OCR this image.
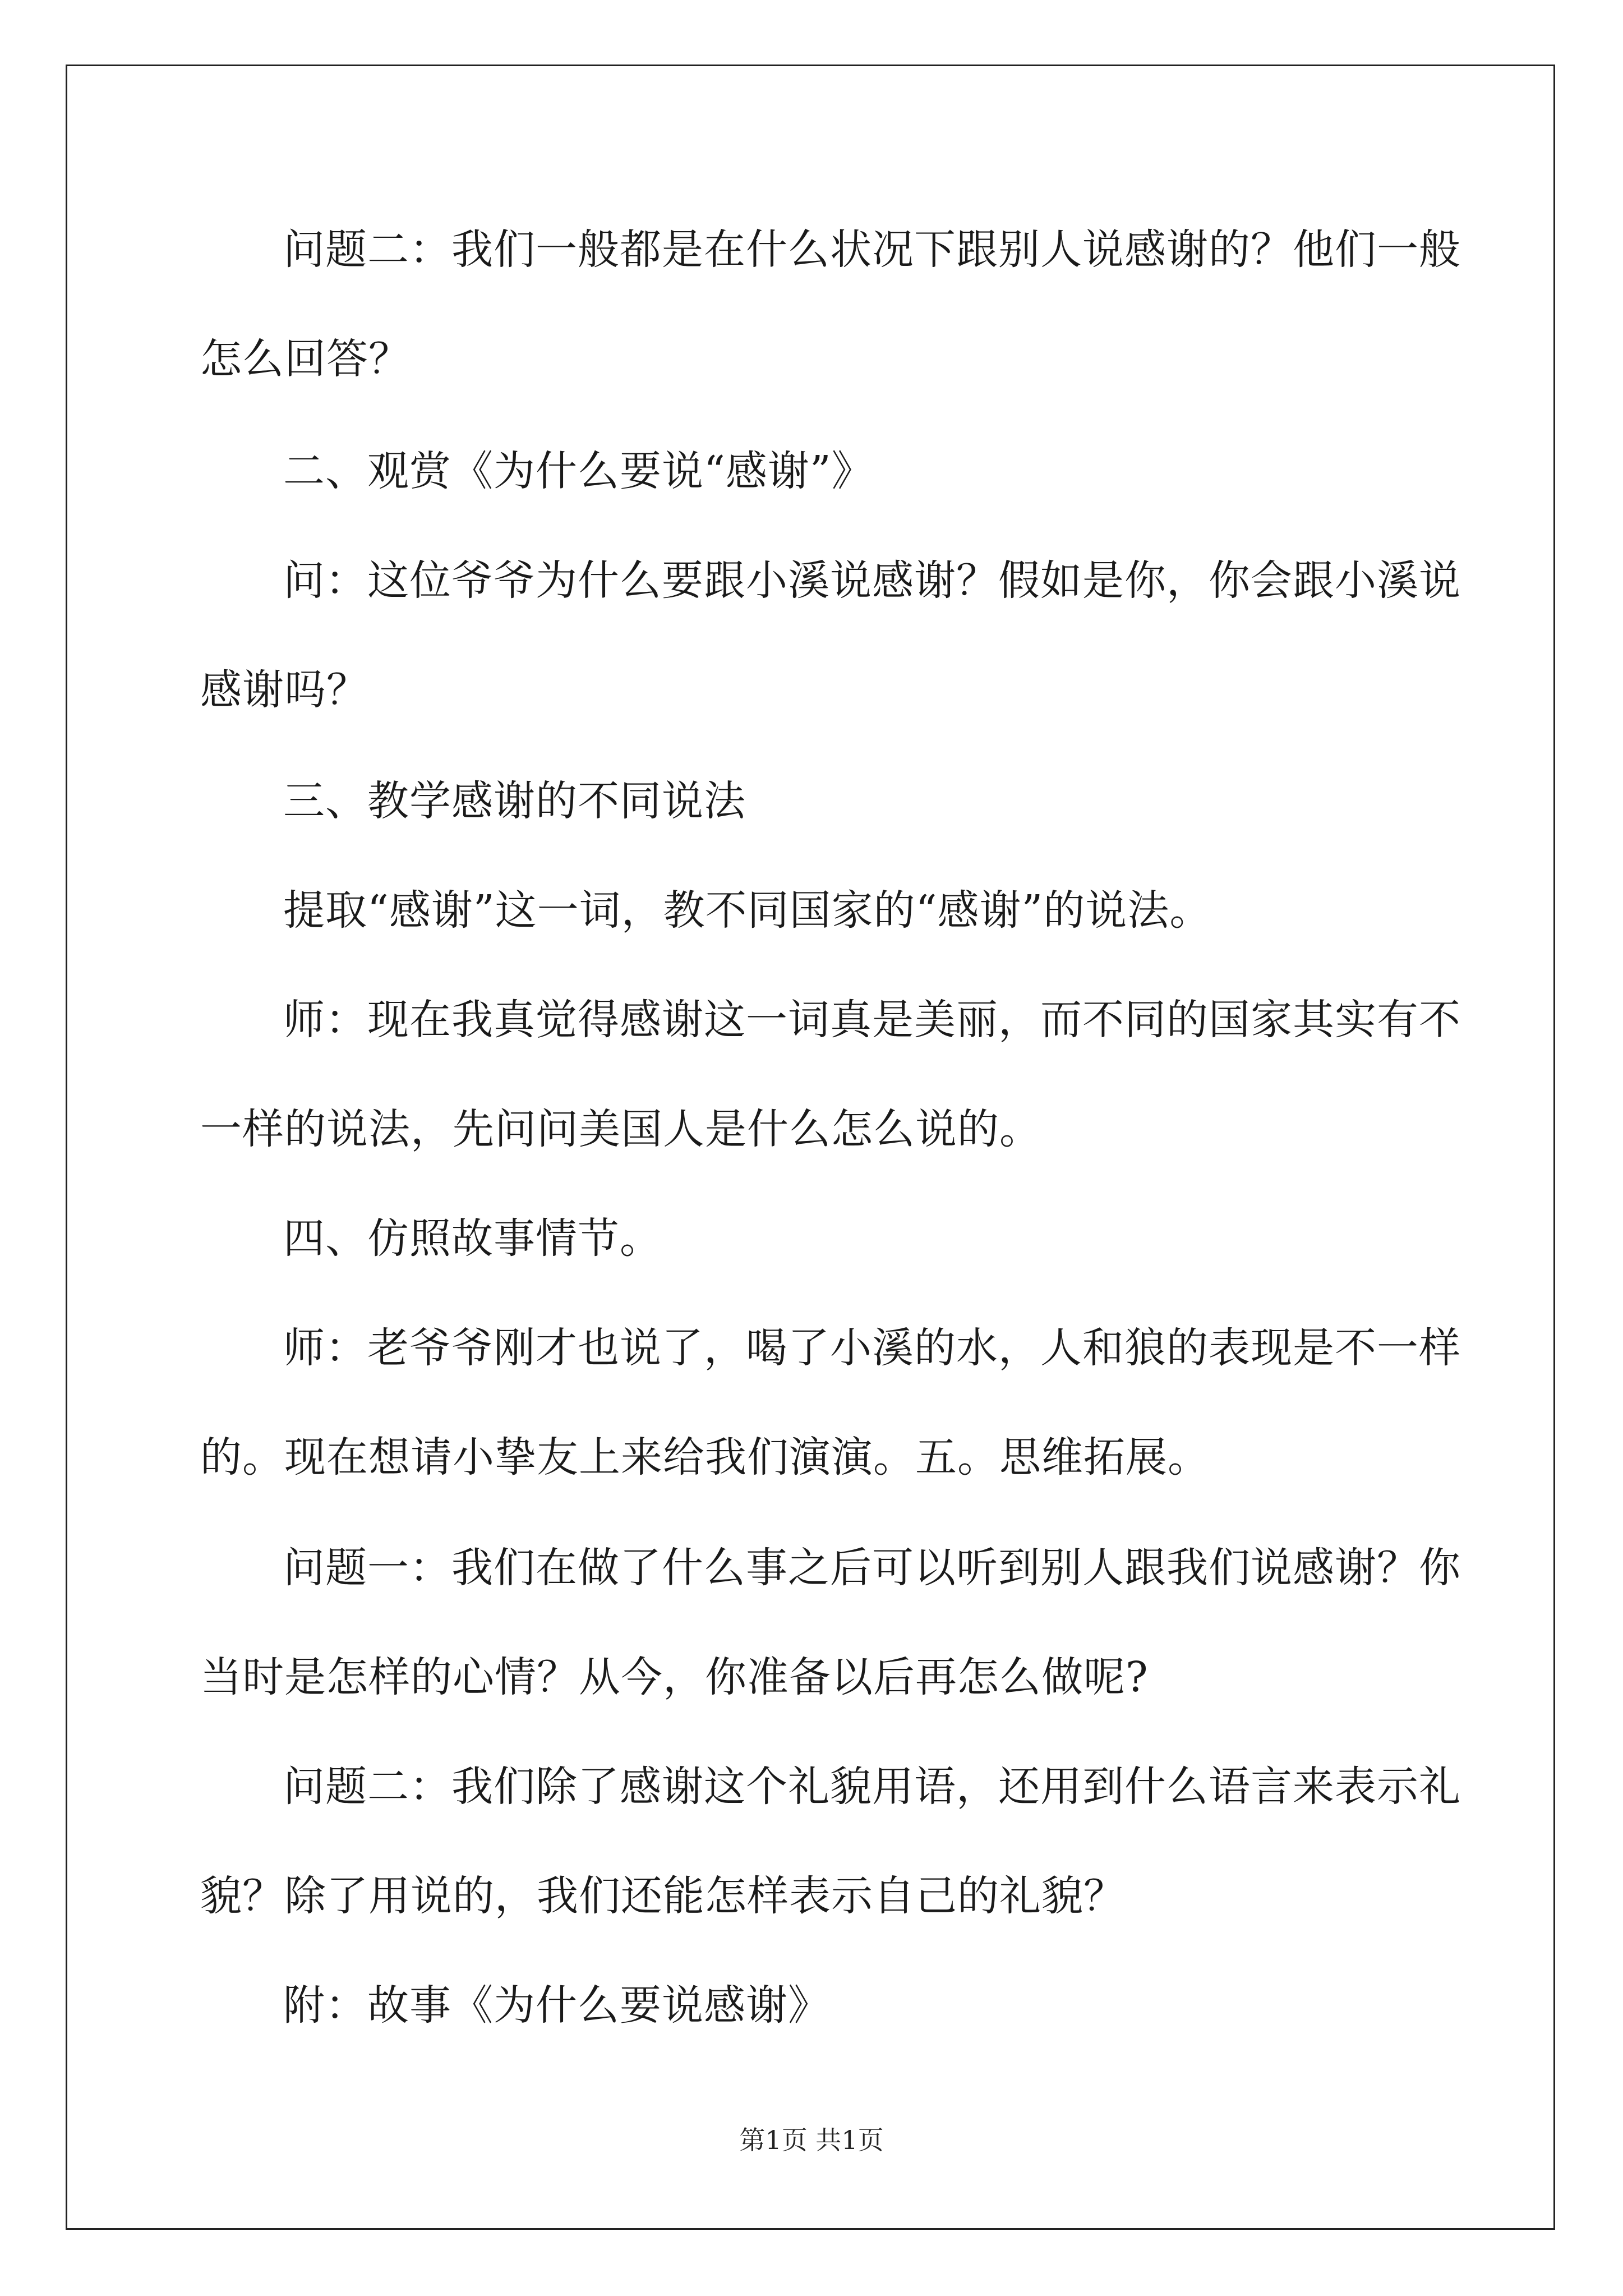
问题二：我们一般都是在什么状况下跟别人说感谢的？他们一般
怎么回答？
二、观赏《为什么要说“感谢”》
问：这位爷爷为什么要跟小溪说感谢？假如是你，你会跟小溪说
感谢吗？
三、教学感谢的不同说法
提取“感谢”这一词，教不同国家的“感谢”的说法。
师：现在我真觉得感谢这一词真是美丽，而不同的国家其实有不
一样的说法，先问问美国人是什么怎么说的。
四、仿照故事情节。
师：老爷爷刚才也说了，喝了小溪的水，人和狼的表现是不一样
的。现在想请小挚友上来给我们演演。五。思维拓展。
问题一：我们在做了什么事之后可以听到别人跟我们说感谢？你
当时是怎样的心情？从今，你准备以后再怎么做呢?
问题二：我们除了感谢这个礼貌用语，还用到什么语言来表示礼
貌？除了用说的，我们还能怎样表示自己的礼貌？
附：故事《为什么要说感谢》
第1页 共1页
